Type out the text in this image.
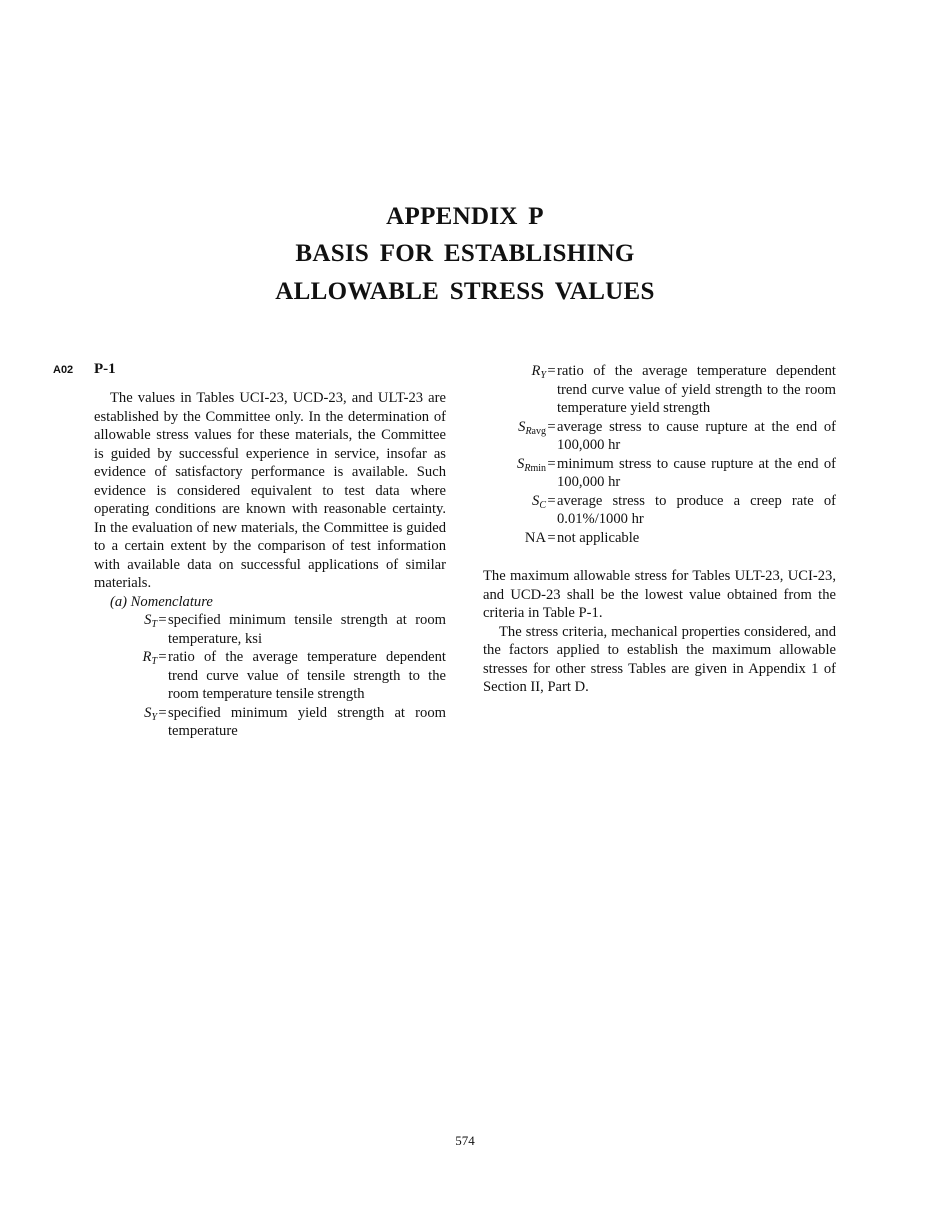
APPENDIX P
BASIS FOR ESTABLISHING
ALLOWABLE STRESS VALUES
A02 P-1

The values in Tables UCI-23, UCD-23, and ULT-23 are established by the Committee only. In the determination of allowable stress values for these materials, the Committee is guided by successful experience in service, insofar as evidence of satisfactory performance is available. Such evidence is considered equivalent to test data where operating conditions are known with reasonable certainty. In the evaluation of new materials, the Committee is guided to a certain extent by the comparison of test information with available data on successful applications of similar materials.

(a) Nomenclature
$S_T$ = specified minimum tensile strength at room temperature, ksi
$R_T$ = ratio of the average temperature dependent trend curve value of tensile strength to the room temperature tensile strength
$S_Y$ = specified minimum yield strength at room temperature
$R_Y$ = ratio of the average temperature dependent trend curve value of yield strength to the room temperature yield strength
$S_{Ravg}$ = average stress to cause rupture at the end of 100,000 hr
$S_{Rmin}$ = minimum stress to cause rupture at the end of 100,000 hr
$S_C$ = average stress to produce a creep rate of 0.01%/1000 hr
NA = not applicable

The maximum allowable stress for Tables ULT-23, UCI-23, and UCD-23 shall be the lowest value obtained from the criteria in Table P-1.

The stress criteria, mechanical properties considered, and the factors applied to establish the maximum allowable stresses for other stress Tables are given in Appendix 1 of Section II, Part D.

574
